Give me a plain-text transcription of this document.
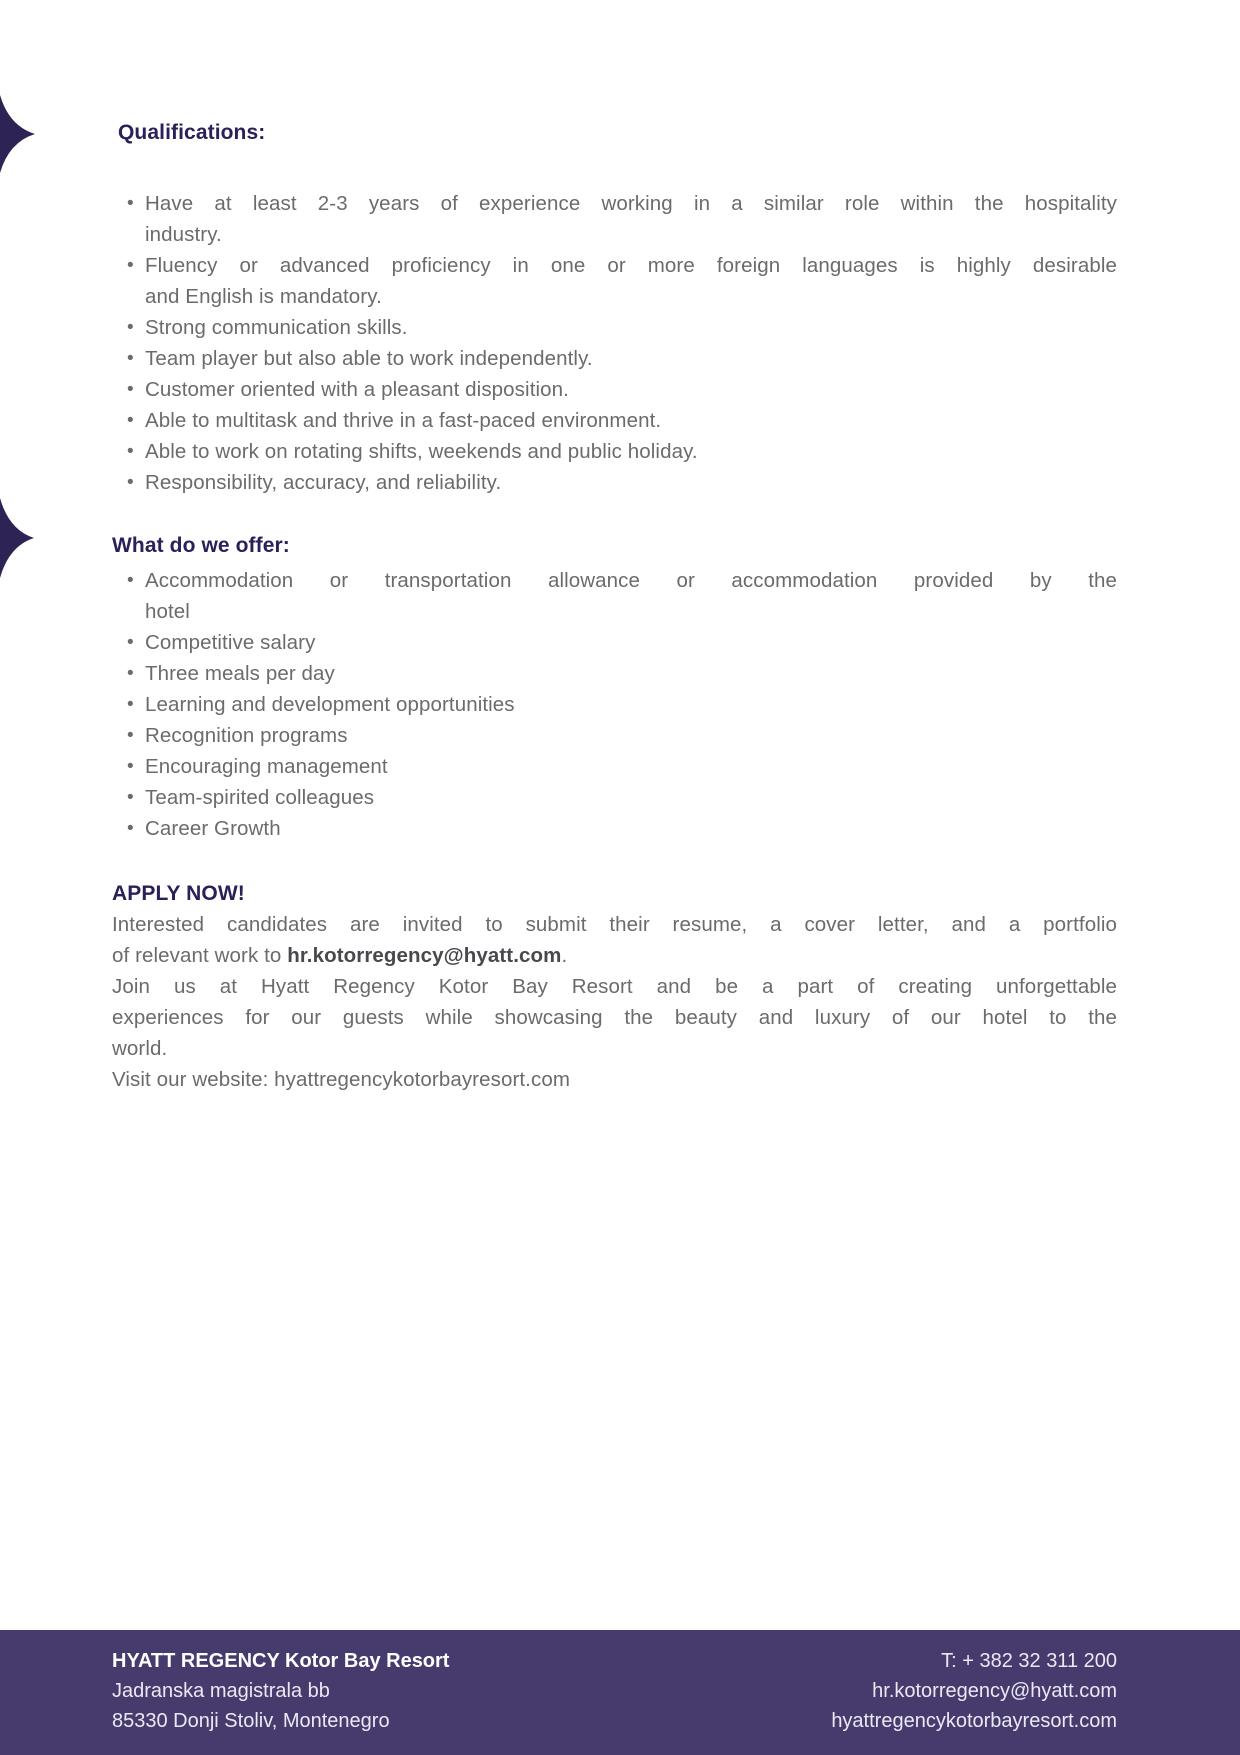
Qualifications:

• Have at least 2-3 years of experience working in a similar role within the hospitality
industry.
• Fluency or advanced proficiency in one or more foreign languages is highly desirable
and English is mandatory.
• Strong communication skills.
• Team player but also able to work independently.
• Customer oriented with a pleasant disposition.
• Able to multitask and thrive in a fast-paced environment.
• Able to work on rotating shifts, weekends and public holiday.
• Responsibility, accuracy, and reliability.

What do we offer:

• Accommodation or transportation allowance or accommodation provided by the
hotel
• Competitive salary
• Three meals per day
• Learning and development opportunities
• Recognition programs
• Encouraging management
• Team-spirited colleagues
• Career Growth

APPLY NOW!

Interested candidates are invited to submit their resume, a cover letter, and a portfolio
of relevant work to hr.kotorregency@hyatt.com.

Join us at Hyatt Regency Kotor Bay Resort and be a part of creating unforgettable
experiences for our guests while showcasing the beauty and luxury of our hotel to the
world.

Visit our website: hyattregencykotorbayresort.com

HYATT REGENCY Kotor Bay Resort
Jadranska magistrala bb
85330 Donji Stoliv, Montenegro
T: + 382 32 311 200
hr.kotorregency@hyatt.com
hyattregencykotorbayresort.com
